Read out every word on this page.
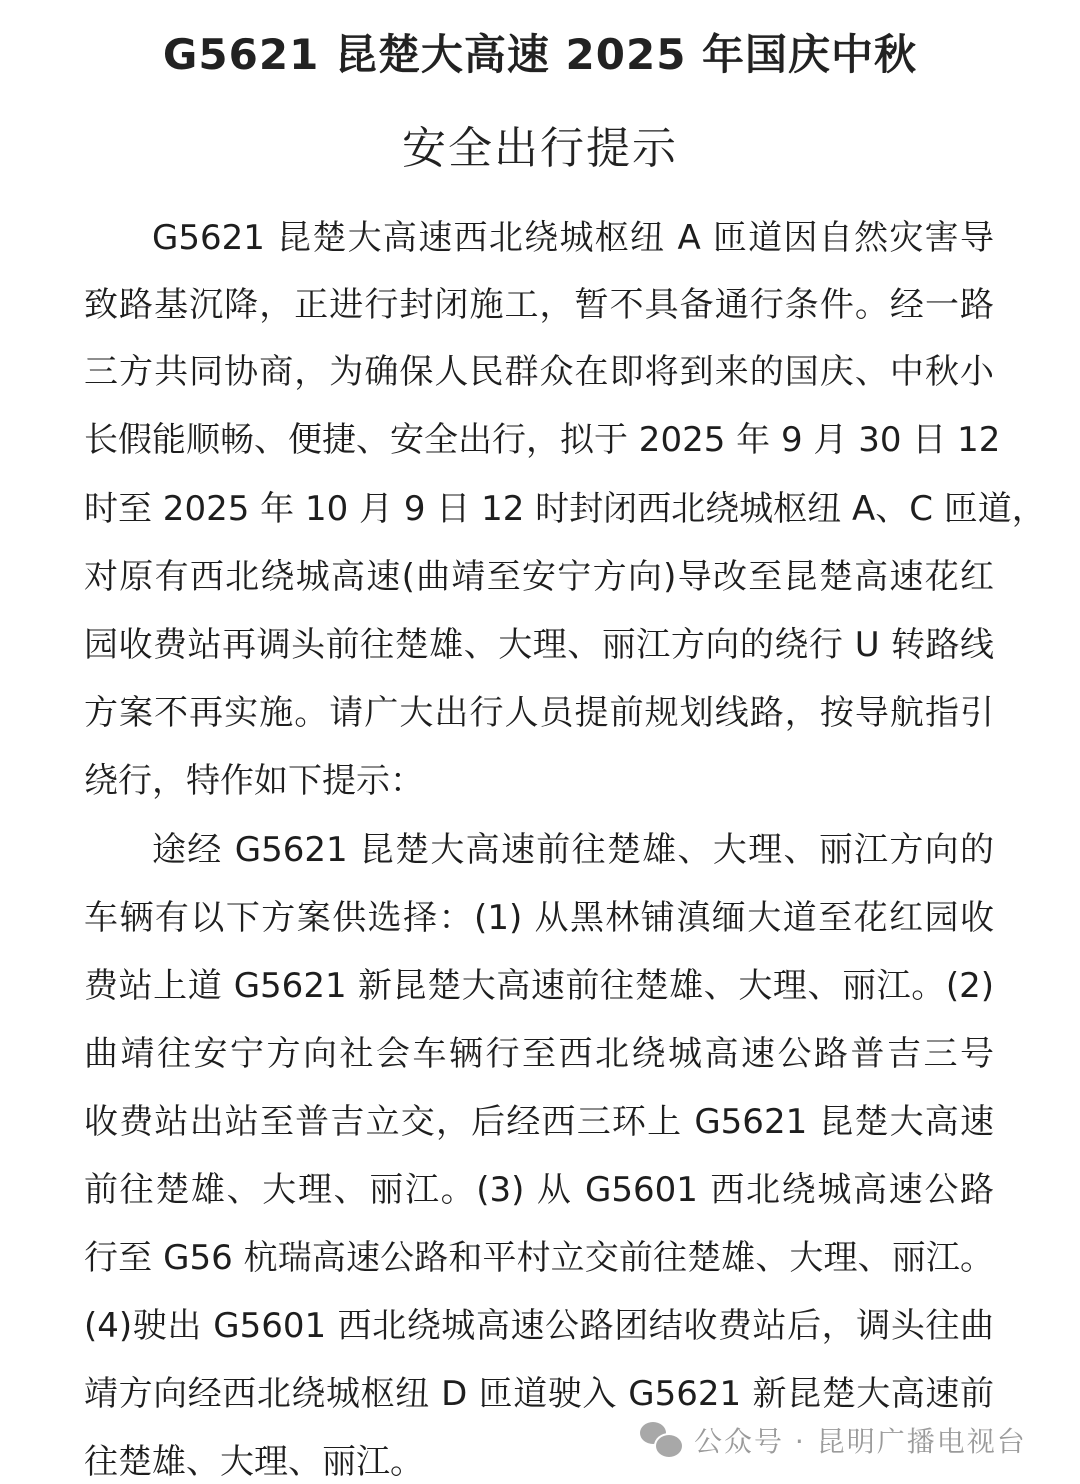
G5621 昆楚大高速 2025 年国庆中秋
安全出行提示
G5621 昆楚大高速西北绕城枢纽 A 匝道因自然灾害导
致路基沉降，正进行封闭施工，暂不具备通行条件。经一路
三方共同协商，为确保人民群众在即将到来的国庆、中秋小
长假能顺畅、便捷、安全出行，拟于 2025 年 9 月 30 日 12
时至 2025 年 10 月 9 日 12 时封闭西北绕城枢纽 A、C 匝道，
对原有西北绕城高速(曲靖至安宁方向)导改至昆楚高速花红
园收费站再调头前往楚雄、大理、丽江方向的绕行 U 转路线
方案不再实施。请广大出行人员提前规划线路，按导航指引
绕行，特作如下提示：
途经 G5621 昆楚大高速前往楚雄、大理、丽江方向的
车辆有以下方案供选择：(1) 从黑林铺滇缅大道至花红园收
费站上道 G5621 新昆楚大高速前往楚雄、大理、丽江。(2)
曲靖往安宁方向社会车辆行至西北绕城高速公路普吉三号
收费站出站至普吉立交，后经西三环上 G5621 昆楚大高速
前往楚雄、大理、丽江。(3) 从 G5601 西北绕城高速公路
行至 G56 杭瑞高速公路和平村立交前往楚雄、大理、丽江。
(4)驶出 G5601 西北绕城高速公路团结收费站后，调头往曲
靖方向经西北绕城枢纽 D 匝道驶入 G5621 新昆楚大高速前
往楚雄、大理、丽江。
公众号 · 昆明广播电视台
